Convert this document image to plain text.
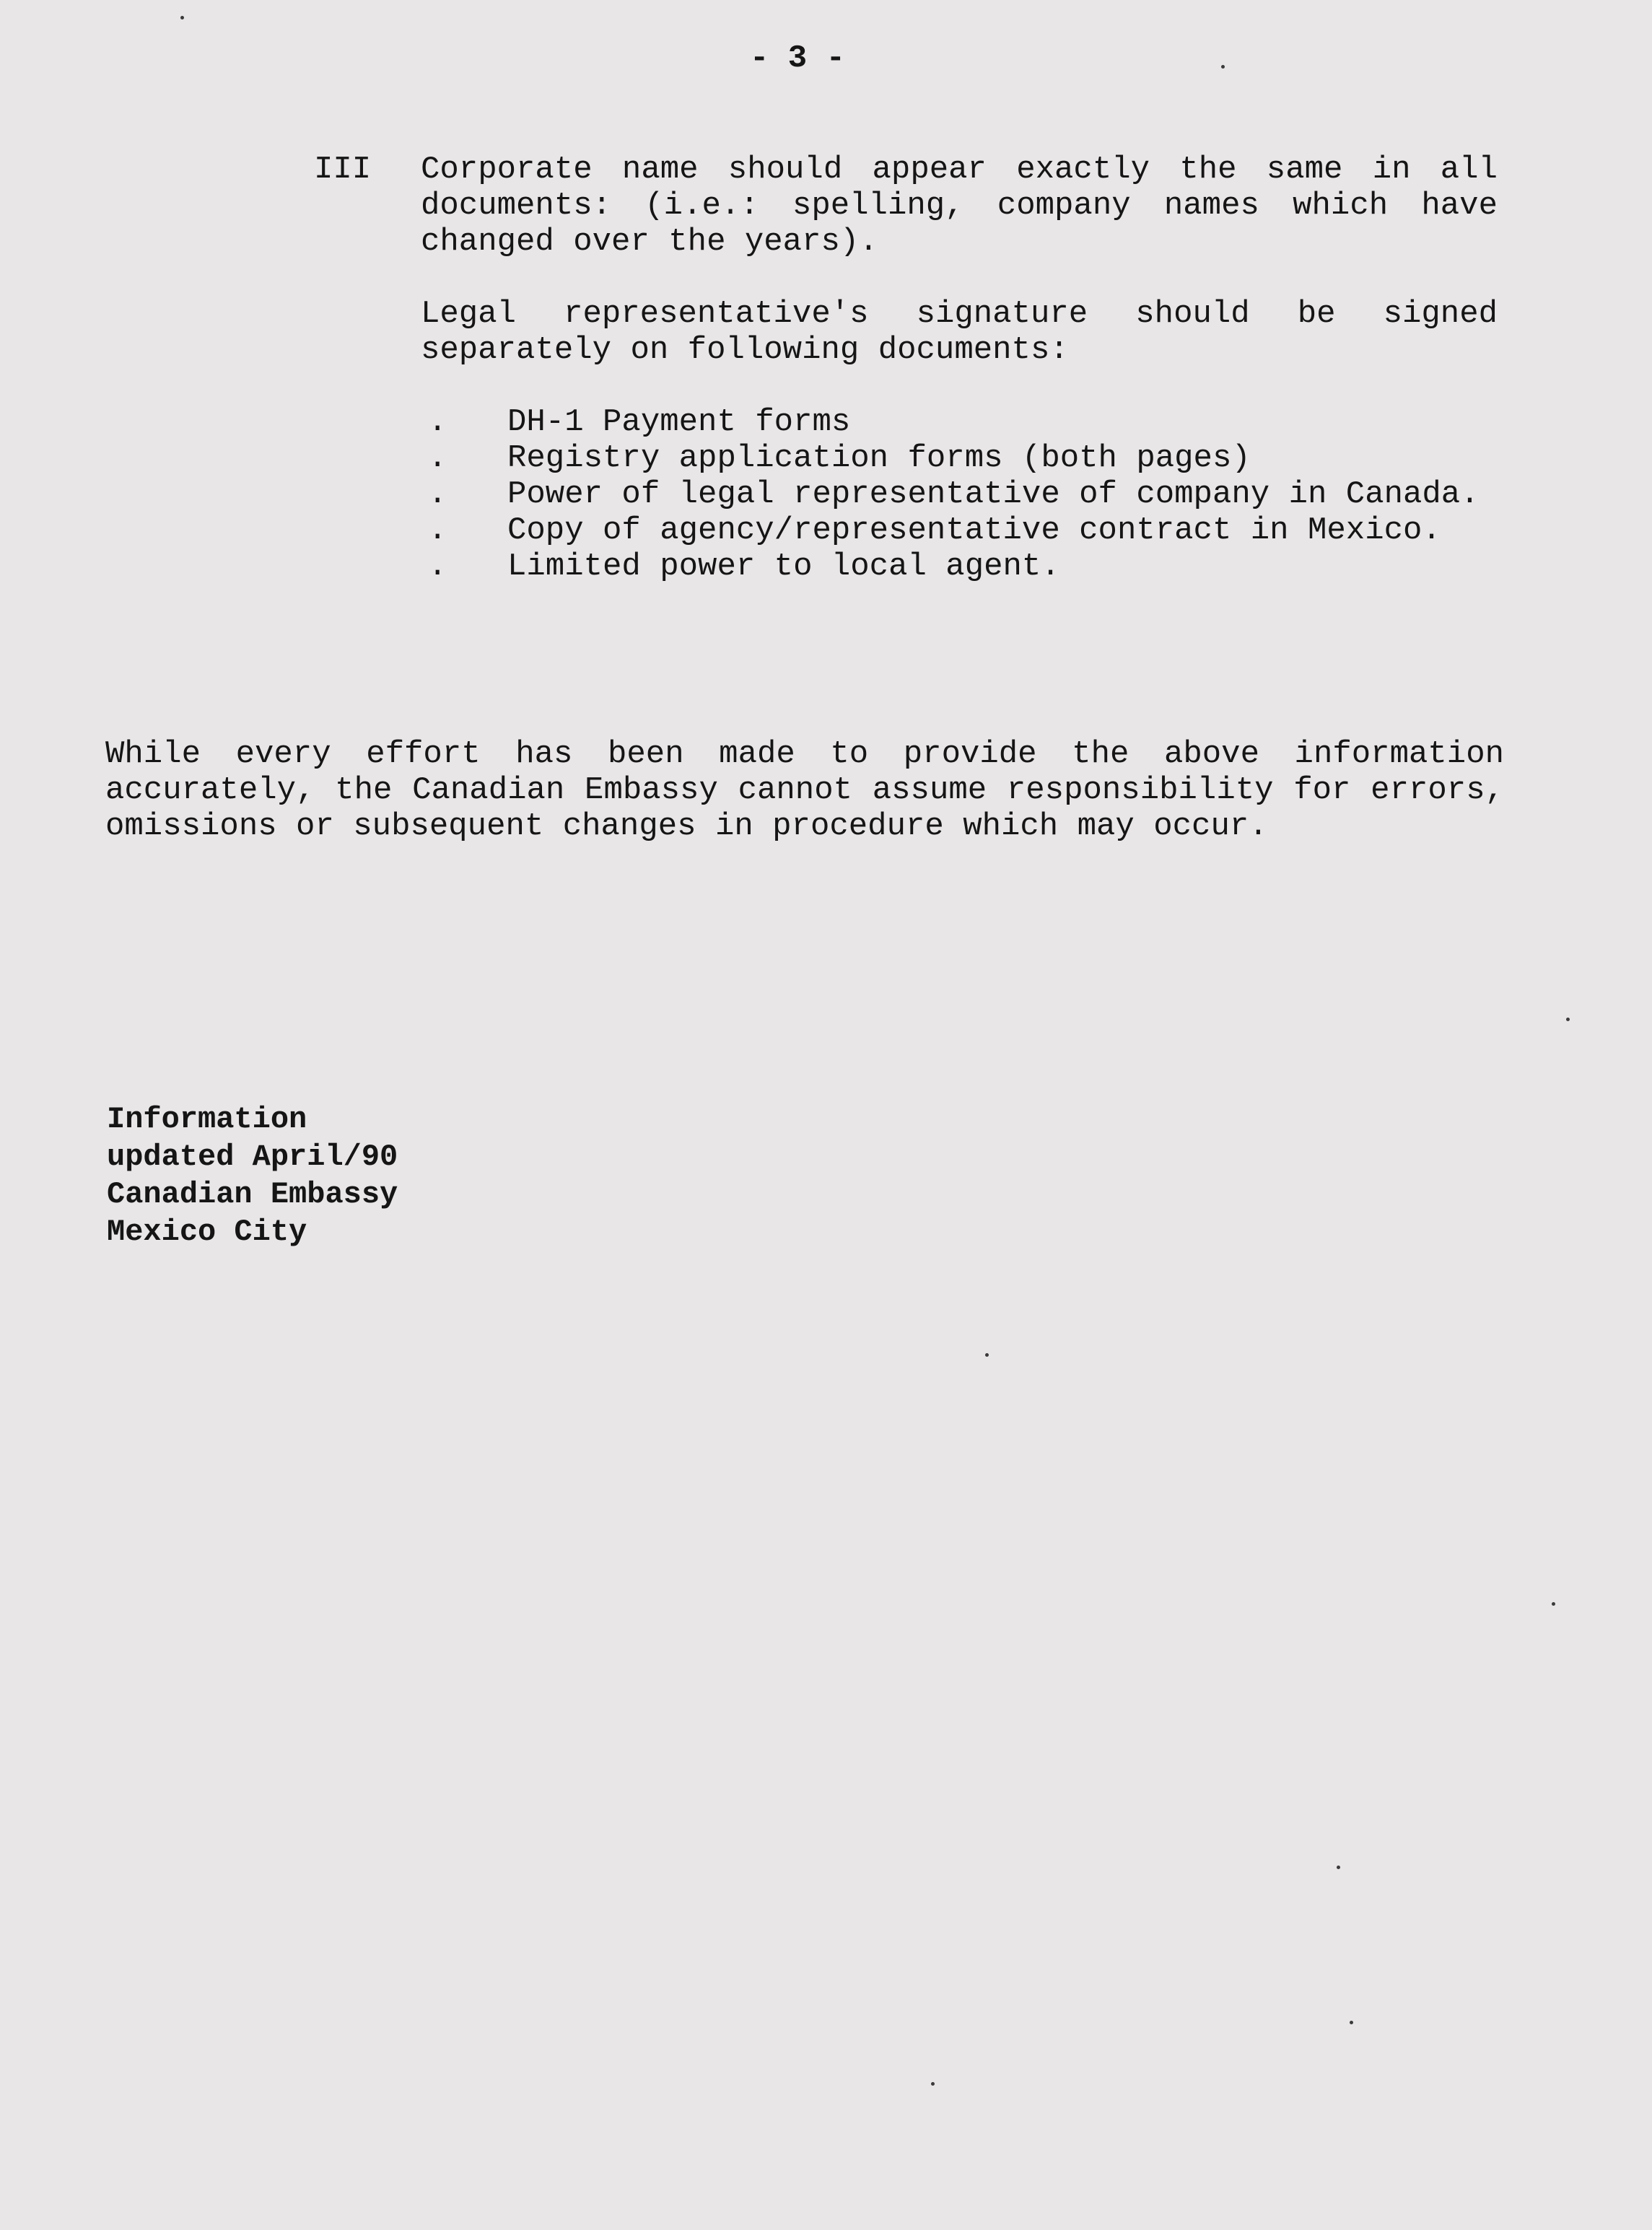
- 3 -
III Corporate name should appear exactly the same in all documents: (i.e.: spelling, company names which have changed over the years).

Legal representative's signature should be signed separately on following documents:

. DH-1 Payment forms
. Registry application forms (both pages)
. Power of legal representative of company in Canada.
. Copy of agency/representative contract in Mexico.
. Limited power to local agent.

While every effort has been made to provide the above information accurately, the Canadian Embassy cannot assume responsibility for errors, omissions or subsequent changes in procedure which may occur.

Information
updated April/90
Canadian Embassy
Mexico City
